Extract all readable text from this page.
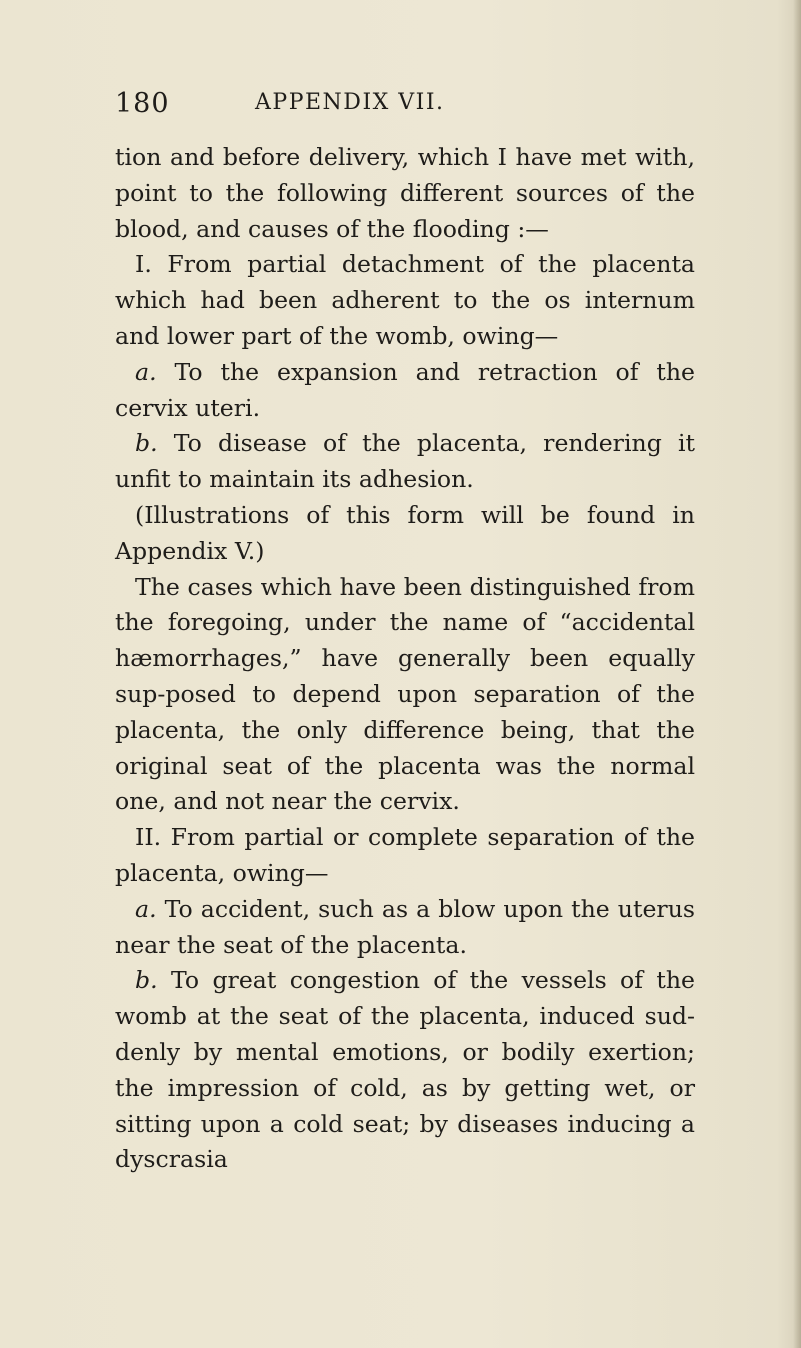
180	APPENDIX VII.

tion and before delivery, which I have met with, point to the following different sources of the blood, and causes of the flooding :—

I. From partial detachment of the placenta which had been adherent to the os internum and lower part of the womb, owing—

a. To the expansion and retraction of the cervix uteri.

b. To disease of the placenta, rendering it unfit to maintain its adhesion.

(Illustrations of this form will be found in Appendix V.)

The cases which have been distinguished from the foregoing, under the name of “accidental hæmorrhages,” have generally been equally sup-posed to depend upon separation of the placenta, the only difference being, that the original seat of the placenta was the normal one, and not near the cervix.

II. From partial or complete separation of the placenta, owing—

a. To accident, such as a blow upon the uterus near the seat of the placenta.

b. To great congestion of the vessels of the womb at the seat of the placenta, induced sud-denly by mental emotions, or bodily exertion; the impression of cold, as by getting wet, or sitting upon a cold seat; by diseases inducing a dyscrasia
